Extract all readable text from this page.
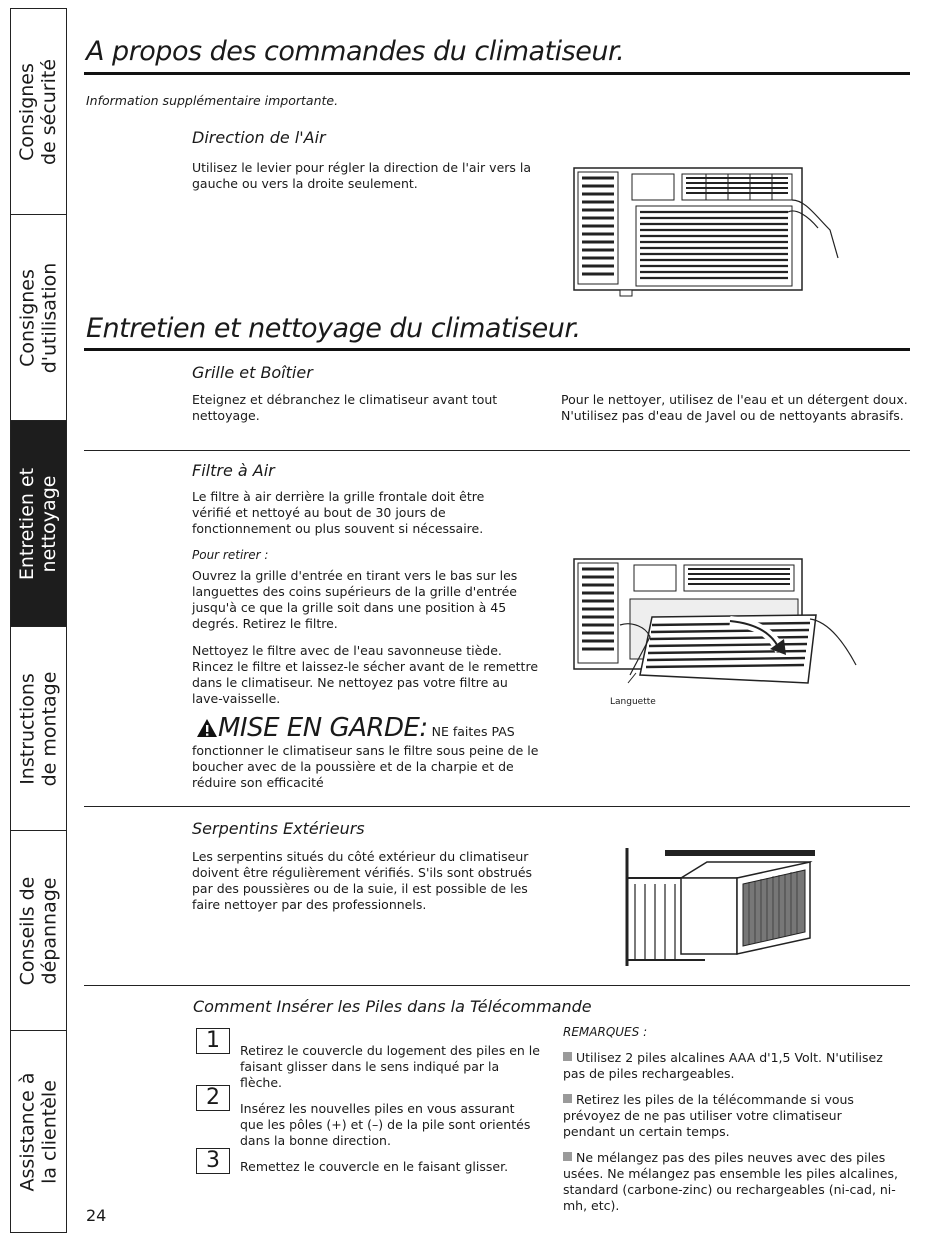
Consignes
de sécurité
Consignes
d'utilisation
Entretien et
nettoyage
Instructions
de montage
Conseils de
dépannage
Assistance à
la clientèle
A propos des commandes du climatiseur.
Information supplémentaire importante.
Direction de l'Air
Utilisez le levier pour régler la direction de l'air vers la gauche ou vers la droite seulement.
Entretien et nettoyage du climatiseur.
Grille et Boîtier
Eteignez et débranchez le climatiseur avant tout nettoyage.
Pour le nettoyer, utilisez de l'eau et un détergent doux.
N'utilisez pas d'eau de Javel ou de nettoyants abrasifs.
Filtre à Air
Le filtre à air derrière la grille frontale doit être vérifié et nettoyé au bout de 30 jours de fonctionnement ou plus souvent si nécessaire.
Pour retirer :
Ouvrez la grille d'entrée en tirant vers le bas sur les languettes des coins supérieurs de la grille d'entrée jusqu'à ce que la grille soit dans une position à 45 degrés. Retirez le filtre.
Nettoyez le filtre avec de l'eau savonneuse tiède. Rincez le filtre et laissez-le sécher avant de le remettre dans le climatiseur. Ne nettoyez pas votre filtre au lave-vaisselle.
MISE EN GARDE: NE faites PAS
fonctionner le climatiseur sans le filtre sous peine de le boucher avec de la poussière et de la charpie et de réduire son efficacité
Languette
Serpentins Extérieurs
Les serpentins situés du côté extérieur du climatiseur doivent être régulièrement vérifiés. S'ils sont obstrués par des poussières ou de la suie, il est possible de les faire nettoyer par des professionnels.
Comment Insérer les Piles dans la Télécommande
1	Retirez le couvercle du logement des piles en le faisant glisser dans le sens indiqué par la flèche.
2	Insérez les nouvelles piles en vous assurant que les pôles (+) et (–) de la pile sont orientés dans la bonne direction.
3	Remettez le couvercle en le faisant glisser.
REMARQUES :
Utilisez 2 piles alcalines AAA d'1,5 Volt. N'utilisez pas de piles rechargeables.
Retirez les piles de la télécommande si vous prévoyez de ne pas utiliser votre climatiseur pendant un certain temps.
Ne mélangez pas des piles neuves avec des piles usées. Ne mélangez pas ensemble les piles alcalines, standard (carbone-zinc) ou rechargeables (ni-cad, ni-mh, etc).
24
